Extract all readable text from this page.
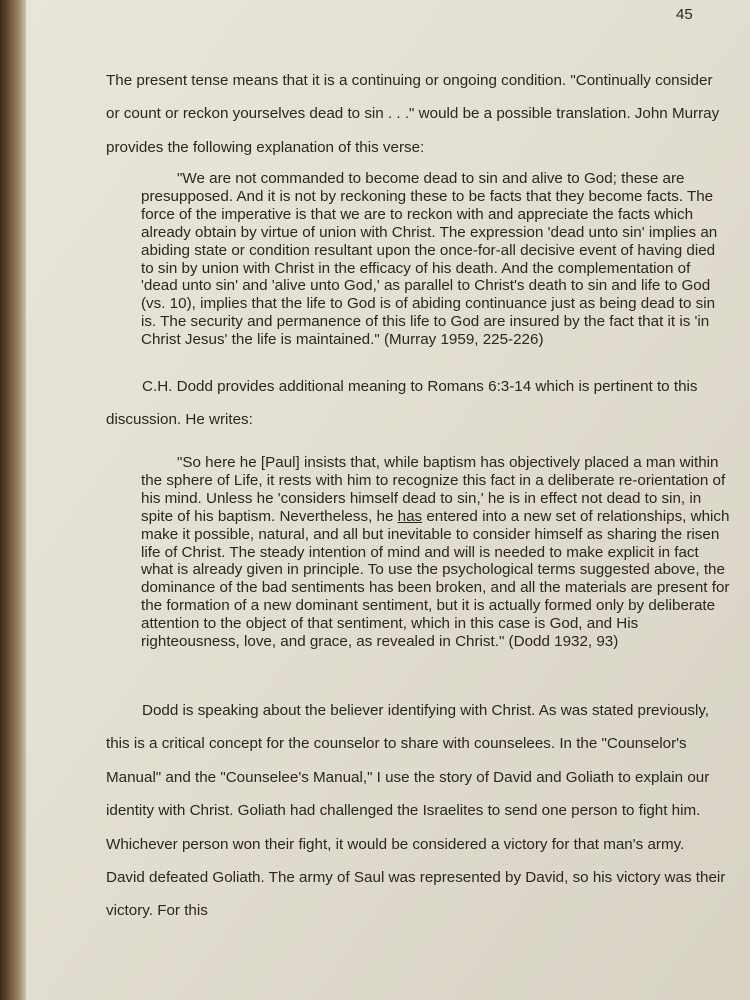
45

The present tense means that it is a continuing or ongoing condition. "Continually consider or count or reckon yourselves dead to sin . . ." would be a possible translation. John Murray provides the following explanation of this verse:

"We are not commanded to become dead to sin and alive to God; these are presupposed. And it is not by reckoning these to be facts that they become facts. The force of the imperative is that we are to reckon with and appreciate the facts which already obtain by virtue of union with Christ. The expression 'dead unto sin' implies an abiding state or condition resultant upon the once-for-all decisive event of having died to sin by union with Christ in the efficacy of his death. And the complementation of 'dead unto sin' and 'alive unto God,' as parallel to Christ's death to sin and life to God (vs. 10), implies that the life to God is of abiding continuance just as being dead to sin is. The security and permanence of this life to God are insured by the fact that it is 'in Christ Jesus' the life is maintained." (Murray 1959, 225-226)

C.H. Dodd provides additional meaning to Romans 6:3-14 which is pertinent to this discussion. He writes:

"So here he [Paul] insists that, while baptism has objectively placed a man within the sphere of Life, it rests with him to recognize this fact in a deliberate re-orientation of his mind. Unless he 'considers himself dead to sin,' he is in effect not dead to sin, in spite of his baptism. Nevertheless, he has entered into a new set of relationships, which make it possible, natural, and all but inevitable to consider himself as sharing the risen life of Christ. The steady intention of mind and will is needed to make explicit in fact what is already given in principle. To use the psychological terms suggested above, the dominance of the bad sentiments has been broken, and all the materials are present for the formation of a new dominant sentiment, but it is actually formed only by deliberate attention to the object of that sentiment, which in this case is God, and His righteousness, love, and grace, as revealed in Christ." (Dodd 1932, 93)

Dodd is speaking about the believer identifying with Christ. As was stated previously, this is a critical concept for the counselor to share with counselees. In the "Counselor's Manual" and the "Counselee's Manual," I use the story of David and Goliath to explain our identity with Christ. Goliath had challenged the Israelites to send one person to fight him. Whichever person won their fight, it would be considered a victory for that man's army. David defeated Goliath. The army of Saul was represented by David, so his victory was their victory. For this
